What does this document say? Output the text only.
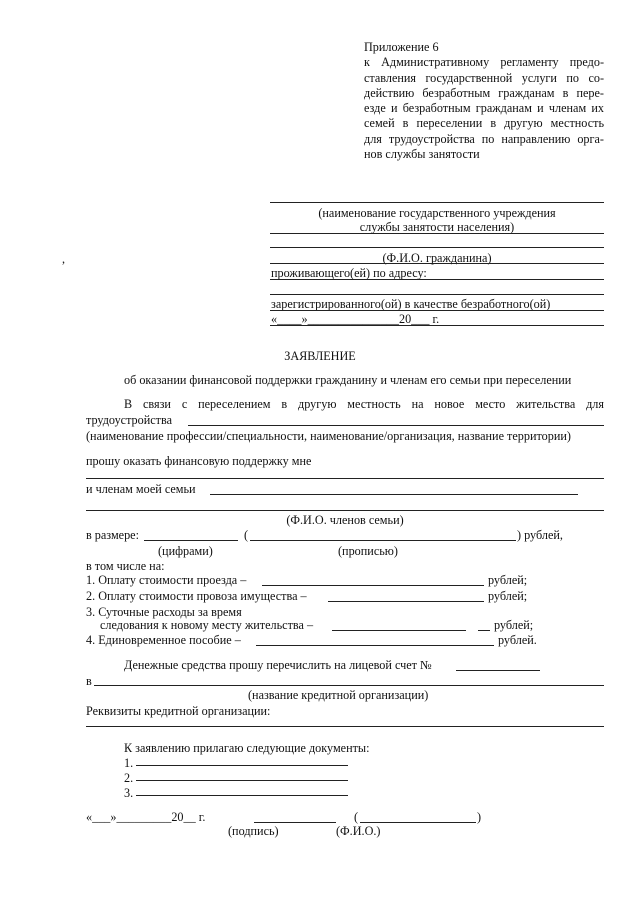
Приложение 6
к Административному регламенту предо-
ставления государственной услуги по со-
действию безработным гражданам в пере-
езде и безработным гражданам и членам их
семей в переселении в другую местность
для трудоустройства по направлению орга-
нов службы занятости
,
(наименование государственного учреждения
службы занятости населения)
(Ф.И.О. гражданина)
проживающего(ей) по адресу:
зарегистрированного(ой) в качестве безработного(ой)
«____»_______________20___ г.
ЗАЯВЛЕНИЕ
об оказании финансовой поддержки гражданину и членам его семьи при переселении
В связи с переселением в другую местность на новое место жительства для
трудоустройства
(наименование профессии/специальности, наименование/организация, название территории)
прошу оказать финансовую поддержку мне
и членам моей семьи
(Ф.И.О. членов семьи)
в размере:	(	) рублей,
(цифрами)	(прописью)
в том числе на:
1. Оплату стоимости проезда –	рублей;
2. Оплату стоимости провоза имущества –	рублей;
3. Суточные расходы за время
следования к новому месту жительства –	рублей;
4. Единовременное пособие –	рублей.
Денежные средства прошу перечислить на лицевой счет №
в
(название кредитной организации)
Реквизиты кредитной организации:
К заявлению прилагаю следующие документы:
1.
2.
3.
«___»_________20__ г.	(	)
(подпись)	(Ф.И.О.)
